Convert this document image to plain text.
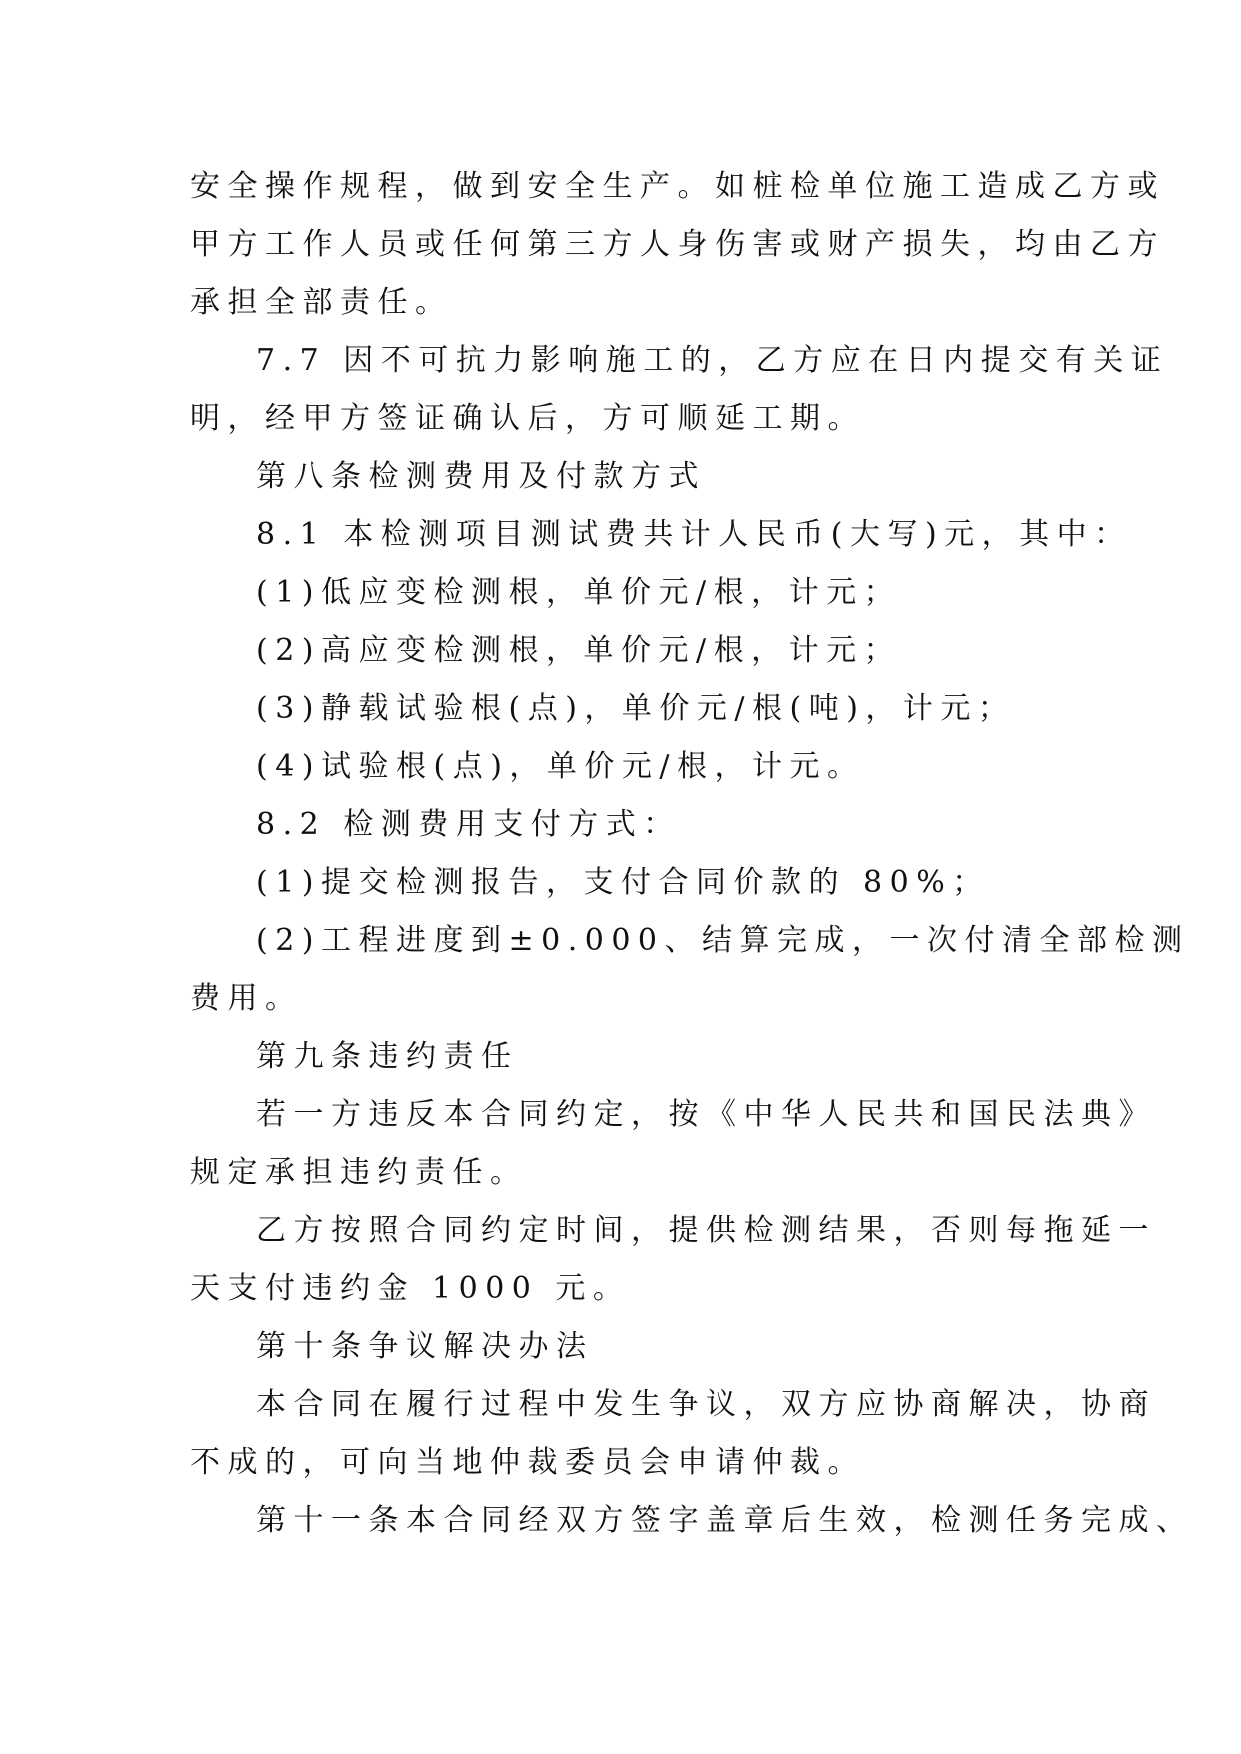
安全操作规程，做到安全生产。如桩检单位施工造成乙方或
甲方工作人员或任何第三方人身伤害或财产损失，均由乙方
承担全部责任。
7.7 因不可抗力影响施工的，乙方应在日内提交有关证
明，经甲方签证确认后，方可顺延工期。
第八条检测费用及付款方式
8.1 本检测项目测试费共计人民币(大写)元，其中：
(1)低应变检测根，单价元/根，计元；
(2)高应变检测根，单价元/根，计元；
(3)静载试验根(点)，单价元/根(吨)，计元；
(4)试验根(点)，单价元/根，计元。
8.2 检测费用支付方式：
(1)提交检测报告，支付合同价款的 80%；
(2)工程进度到±0.000、结算完成，一次付清全部检测
费用。
第九条违约责任
若一方违反本合同约定，按《中华人民共和国民法典》
规定承担违约责任。
乙方按照合同约定时间，提供检测结果，否则每拖延一
天支付违约金 1000 元。
第十条争议解决办法
本合同在履行过程中发生争议，双方应协商解决，协商
不成的，可向当地仲裁委员会申请仲裁。
第十一条本合同经双方签字盖章后生效，检测任务完成、
